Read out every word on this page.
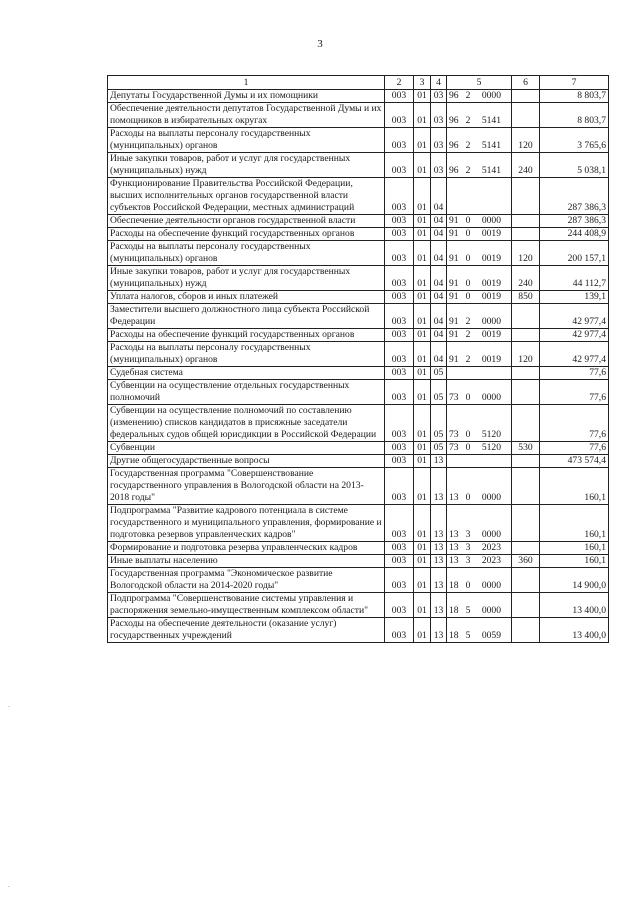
3
1	2	3	4	5	6	7
Депутаты Государственной Думы и их помощники	003	01	03	96 2 0000		8 803,7
Обеспечение деятельности депутатов Государственной Думы и их помощников в избирательных округах	003	01	03	96 2 5141		8 803,7
Расходы на выплаты персоналу государственных (муниципальных) органов	003	01	03	96 2 5141	120	3 765,6
Иные закупки товаров, работ и услуг для государственных (муниципальных) нужд	003	01	03	96 2 5141	240	5 038,1
Функционирование Правительства Российской Федерации, высших исполнительных органов государственной власти субъектов Российской Федерации, местных администраций	003	01	04			287 386,3
Обеспечение деятельности органов государственной власти	003	01	04	91 0 0000		287 386,3
Расходы на обеспечение функций государственных органов	003	01	04	91 0 0019		244 408,9
Расходы на выплаты персоналу государственных (муниципальных) органов	003	01	04	91 0 0019	120	200 157,1
Иные закупки товаров, работ и услуг для государственных (муниципальных) нужд	003	01	04	91 0 0019	240	44 112,7
Уплата налогов, сборов и иных платежей	003	01	04	91 0 0019	850	139,1
Заместители высшего должностного лица субъекта Российской Федерации	003	01	04	91 2 0000		42 977,4
Расходы на обеспечение функций государственных органов	003	01	04	91 2 0019		42 977,4
Расходы на выплаты персоналу государственных (муниципальных) органов	003	01	04	91 2 0019	120	42 977,4
Судебная система	003	01	05			77,6
Субвенции на осуществление отдельных государственных полномочий	003	01	05	73 0 0000		77,6
Субвенции на осуществление полномочий по составлению (изменению) списков кандидатов в присяжные заседатели федеральных судов общей юрисдикции в Российской Федерации	003	01	05	73 0 5120		77,6
Субвенции	003	01	05	73 0 5120	530	77,6
Другие общегосударственные вопросы	003	01	13			473 574,4
Государственная программа "Совершенствование государственного управления в Вологодской области на 2013-2018 годы"	003	01	13	13 0 0000		160,1
Подпрограмма "Развитие кадрового потенциала в системе государственного и муниципального управления, формирование и подготовка резервов управленческих кадров"	003	01	13	13 3 0000		160,1
Формирование и подготовка резерва управленческих кадров	003	01	13	13 3 2023		160,1
Иные выплаты населению	003	01	13	13 3 2023	360	160,1
Государственная программа "Экономическое развитие Вологодской области на 2014-2020 годы"	003	01	13	18 0 0000		14 900,0
Подпрограмма "Совершенствование системы управления и распоряжения земельно-имущественным комплексом области"	003	01	13	18 5 0000		13 400,0
Расходы на обеспечение деятельности (оказание услуг) государственных учреждений	003	01	13	18 5 0059		13 400,0
.
.
